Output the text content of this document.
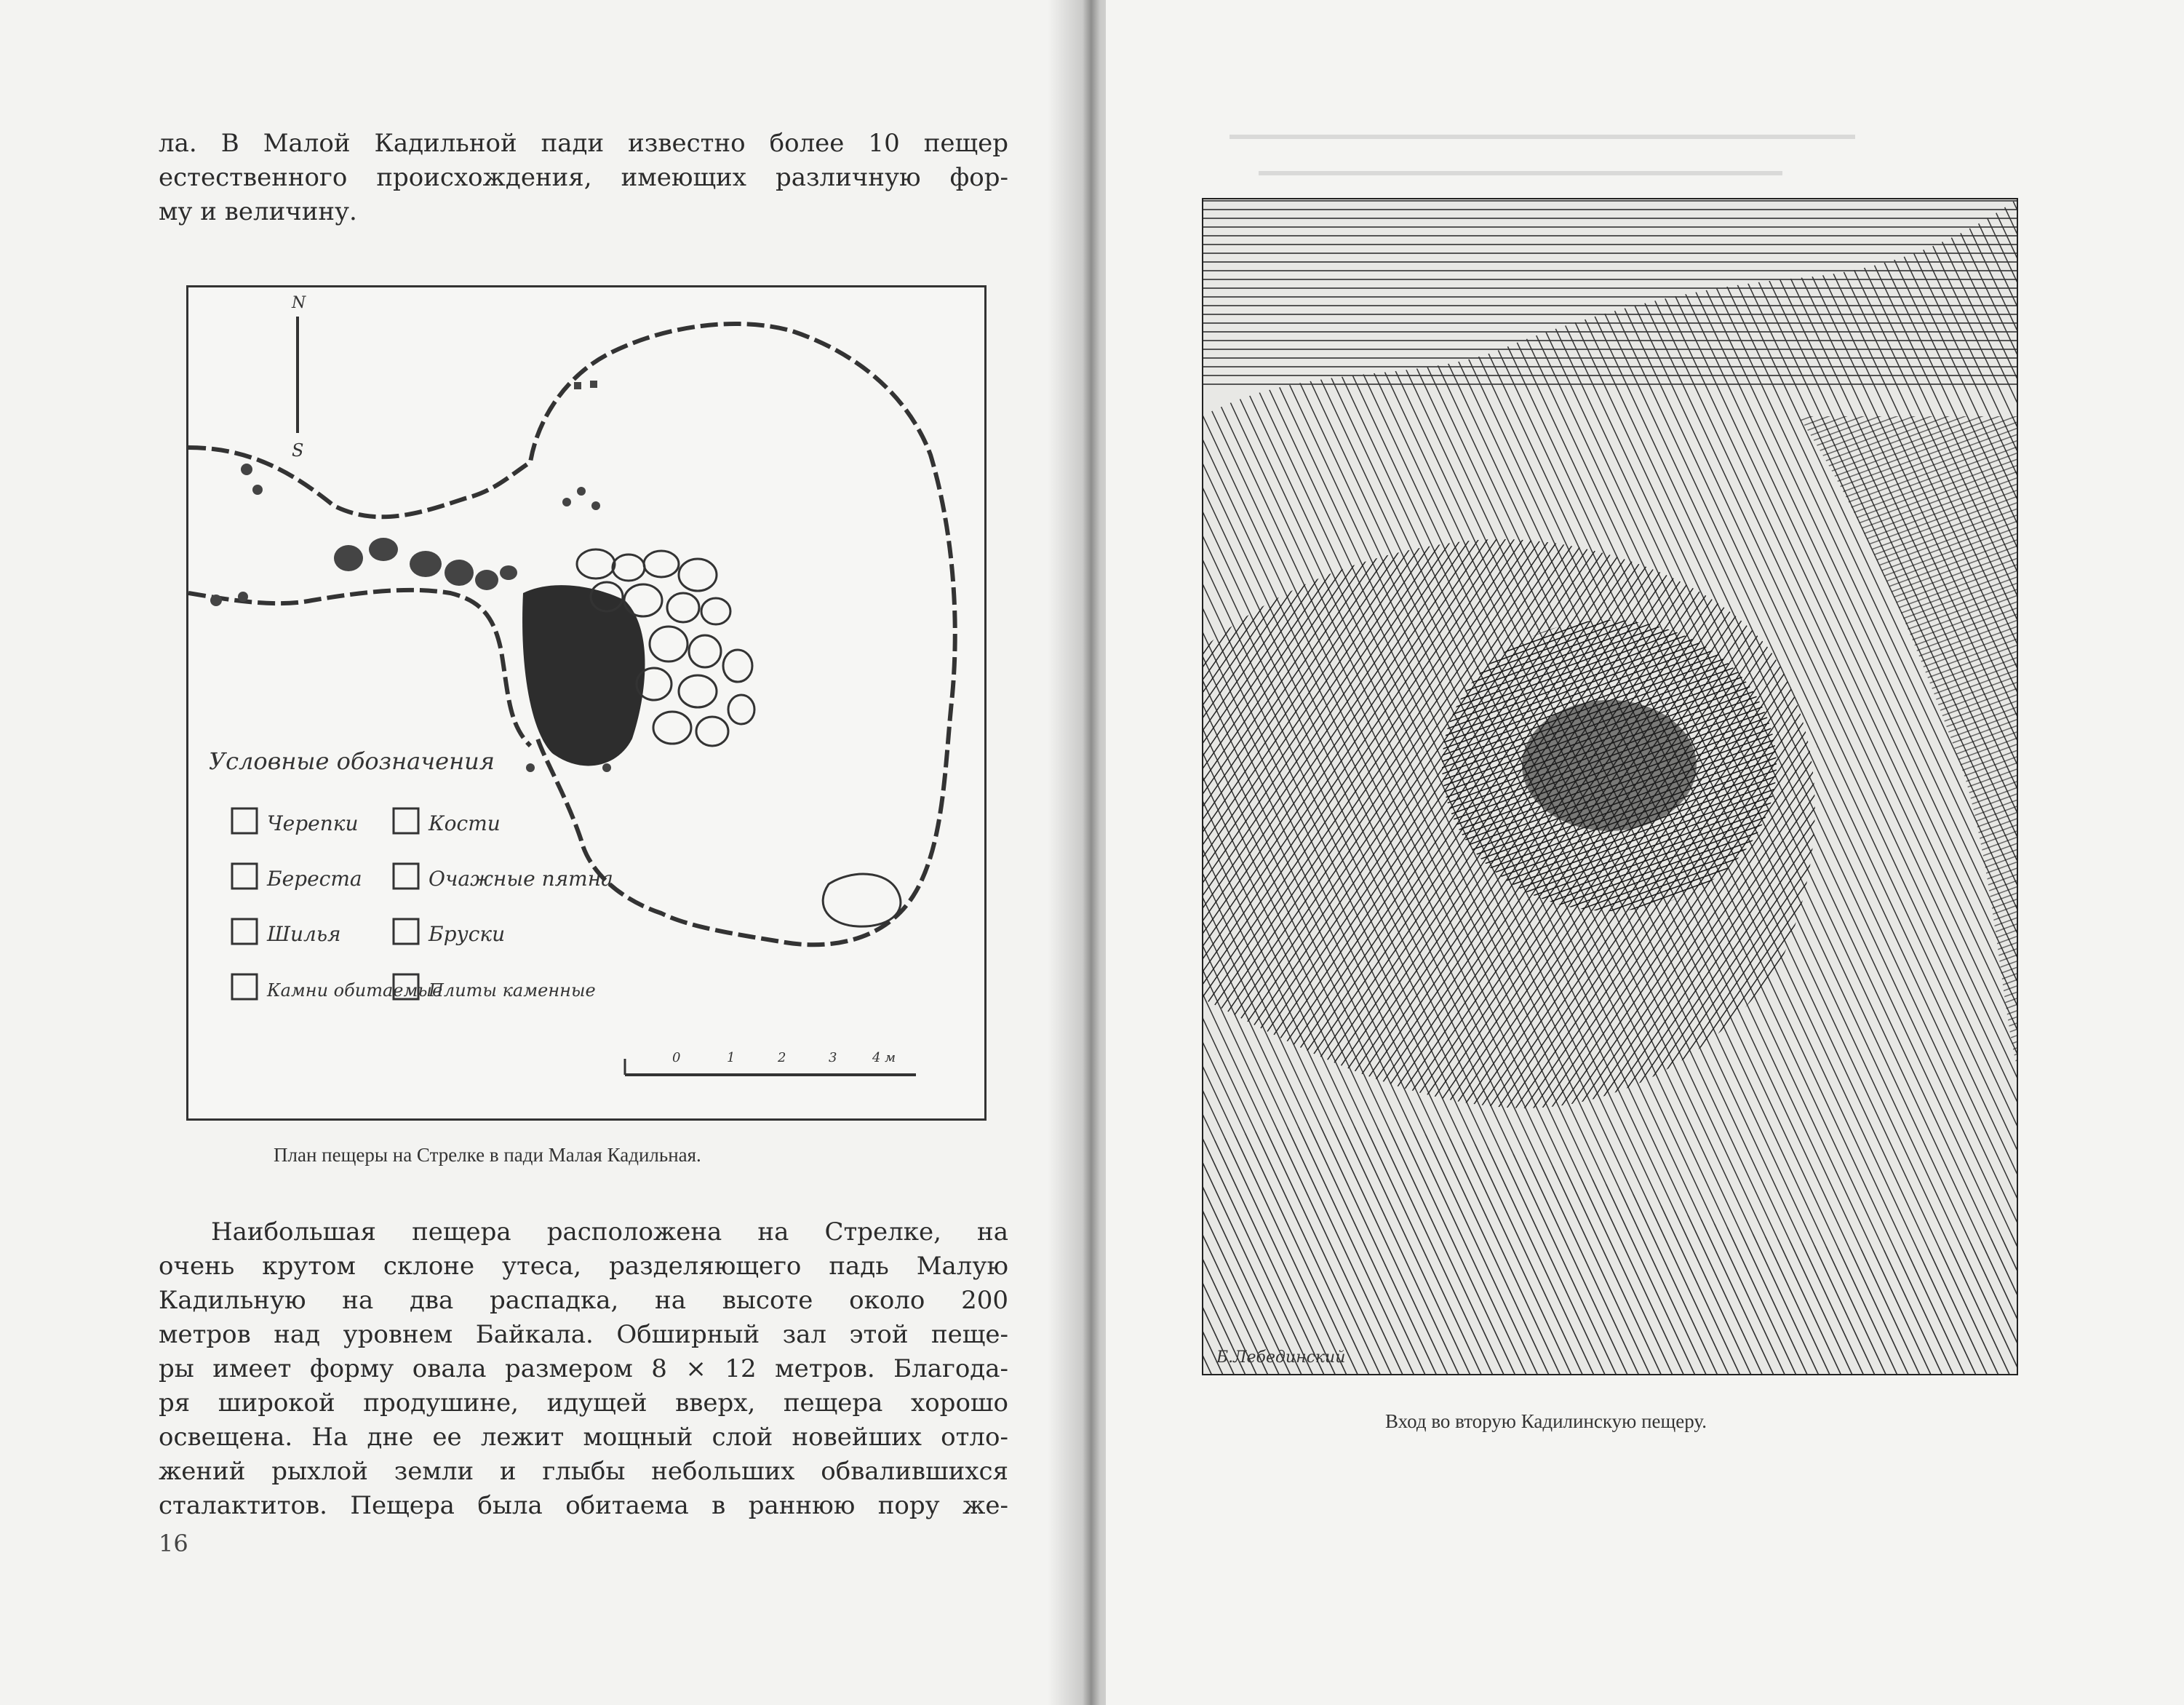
ла. В Малой Кадильной пади известно более 10 пещер
естественного происхождения, имеющих различную фор-
му и величину.
N
S
Условные обозначения
Черепки	Кости
Береста	Очажные пятна
Шилья	Бруски
Камни обитаемые
Плиты каменные
0	1	2	3	4 м
План пещеры на Стрелке в пади Малая Кадильная.
Наибольшая пещера расположена на Стрелке, на
очень крутом склоне утеса, разделяющего падь Малую
Кадильную на два распадка, на высоте около 200
метров над уровнем Байкала. Обширный зал этой пеще-
ры имеет форму овала размером 8 × 12 метров. Благода-
ря широкой продушине, идущей вверх, пещера хорошо
освещена. На дне ее лежит мощный слой новейших отло-
жений рыхлой земли и глыбы небольших обвалившихся
сталактитов. Пещера была обитаема в раннюю пору же-
16
Б.Лебединский
Вход во вторую Кадилинскую пещеру.
